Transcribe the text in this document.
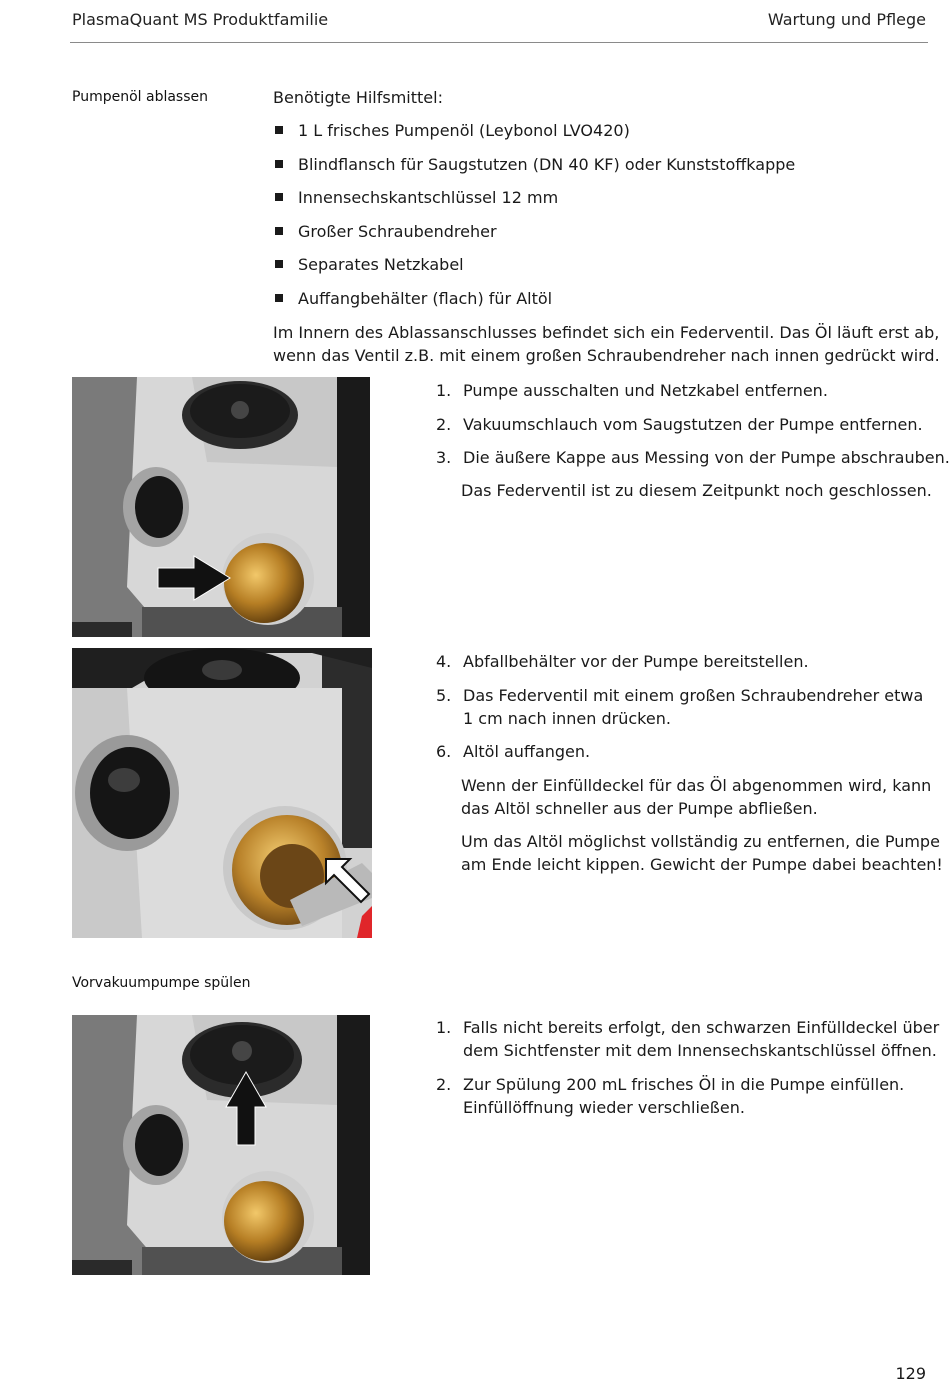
PlasmaQuant MS Produktfamilie	Wartung und Pflege
Pumpenöl ablassen	Benötigte Hilfsmittel:
1 L frisches Pumpenöl (Leybonol LVO420)
Blindflansch für Saugstutzen (DN 40 KF) oder Kunststoffkappe
Innensechskantschlüssel 12 mm
Großer Schraubendreher
Separates Netzkabel
Auffangbehälter (flach) für Altöl
Im Innern des Ablassanschlusses befindet sich ein Federventil. Das Öl läuft erst ab,
wenn das Ventil z.B. mit einem großen Schraubendreher nach innen gedrückt wird.
1. Pumpe ausschalten und Netzkabel entfernen.
2. Vakuumschlauch vom Saugstutzen der Pumpe entfernen.
3. Die äußere Kappe aus Messing von der Pumpe abschrauben.
Das Federventil ist zu diesem Zeitpunkt noch geschlossen.
4. Abfallbehälter vor der Pumpe bereitstellen.
5. Das Federventil mit einem großen Schraubendreher etwa
1 cm nach innen drücken.
6. Altöl auffangen.
Wenn der Einfülldeckel für das Öl abgenommen wird, kann
das Altöl schneller aus der Pumpe abfließen.
Um das Altöl möglichst vollständig zu entfernen, die Pumpe
am Ende leicht kippen. Gewicht der Pumpe dabei beachten!
Vorvakuumpumpe spülen
1. Falls nicht bereits erfolgt, den schwarzen Einfülldeckel über
dem Sichtfenster mit dem Innensechskantschlüssel öffnen.
2. Zur Spülung 200 mL frisches Öl in die Pumpe einfüllen.
Einfüllöffnung wieder verschließen.
129
